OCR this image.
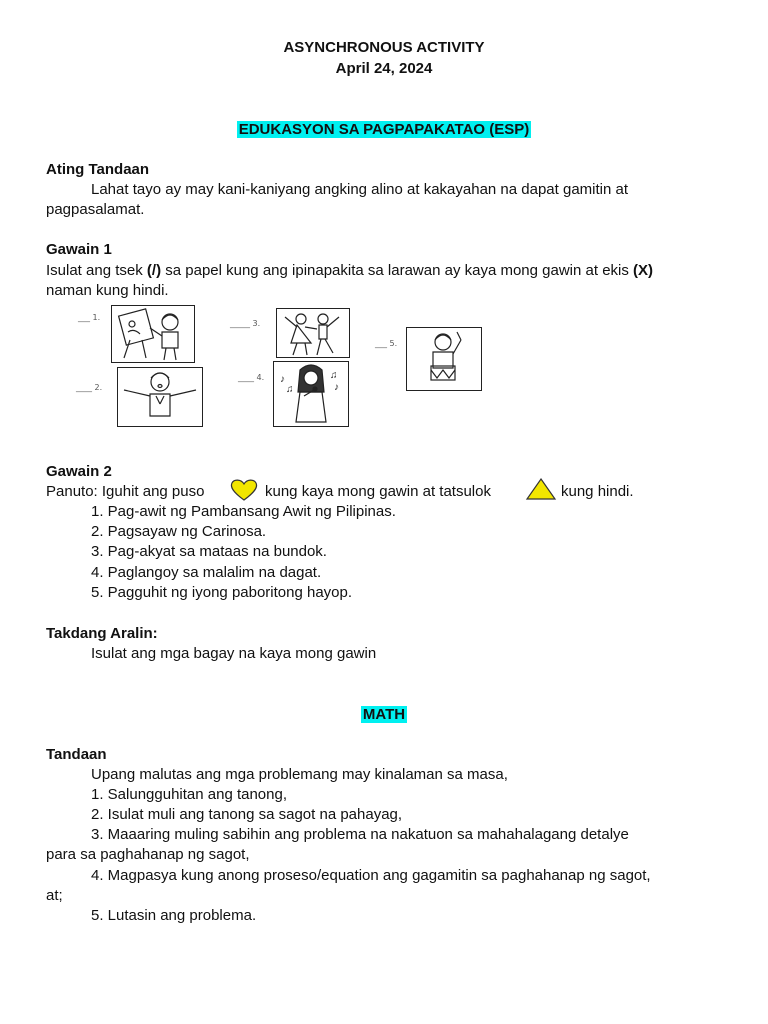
ASYNCHRONOUS ACTIVITY
April 24, 2024
EDUKASYON SA PAGPAPAKATAO (ESP)
Ating Tandaan
Lahat tayo ay may kani-kaniyang angking alino at kakayahan na dapat gamitin at
pagpasalamat.
Gawain 1
Isulat ang tsek (/) sa papel kung ang ipinapakita sa larawan ay kaya mong gawin at ekis (X)
naman kung hindi.
___ 1.
____ 2.
_____ 3.
____ 4. ♪
♫
♫
♪
___ 5.
Gawain 2
Panuto: Iguhit ang puso	kung kaya mong gawin at tatsulok	kung hindi.
1. Pag-awit ng Pambansang Awit ng Pilipinas.
2. Pagsayaw ng Carinosa.
3. Pag-akyat sa mataas na bundok.
4. Paglangoy sa malalim na dagat.
5. Pagguhit ng iyong paboritong hayop.
Takdang Aralin:
Isulat ang mga bagay na kaya mong gawin
MATH
Tandaan
Upang malutas ang mga problemang may kinalaman sa masa,
1. Salungguhitan ang tanong,
2. Isulat muli ang tanong sa sagot na pahayag,
3. Maaaring muling sabihin ang problema na nakatuon sa mahahalagang detalye
para sa paghahanap ng sagot,
4. Magpasya kung anong proseso/equation ang gagamitin sa paghahanap ng sagot,
at;
5. Lutasin ang problema.
